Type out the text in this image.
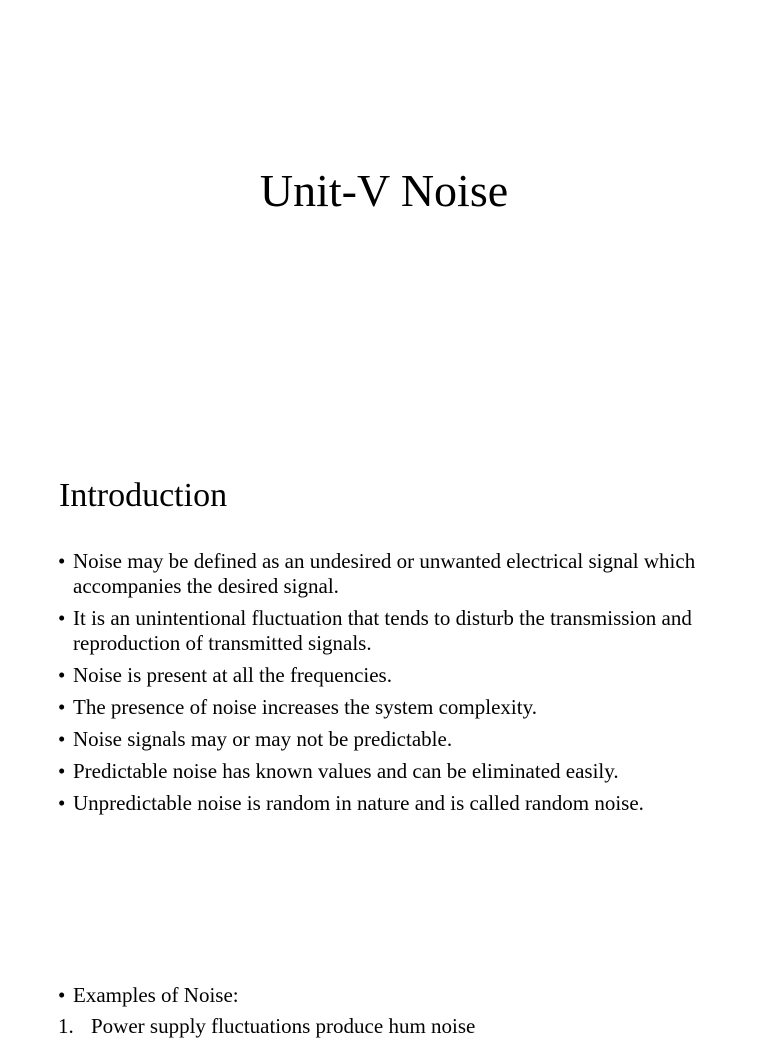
Unit-V Noise
Introduction
• Noise may be defined as an undesired or unwanted electrical signal which accompanies the desired signal.
• It is an unintentional fluctuation that tends to disturb the transmission and reproduction of transmitted signals.
• Noise is present at all the frequencies.
• The presence of noise increases the system complexity.
• Noise signals may or may not be predictable.
• Predictable noise has known values and can be eliminated easily.
• Unpredictable noise is random in nature and is called random noise.
• Examples of Noise:
1. Power supply fluctuations produce hum noise
